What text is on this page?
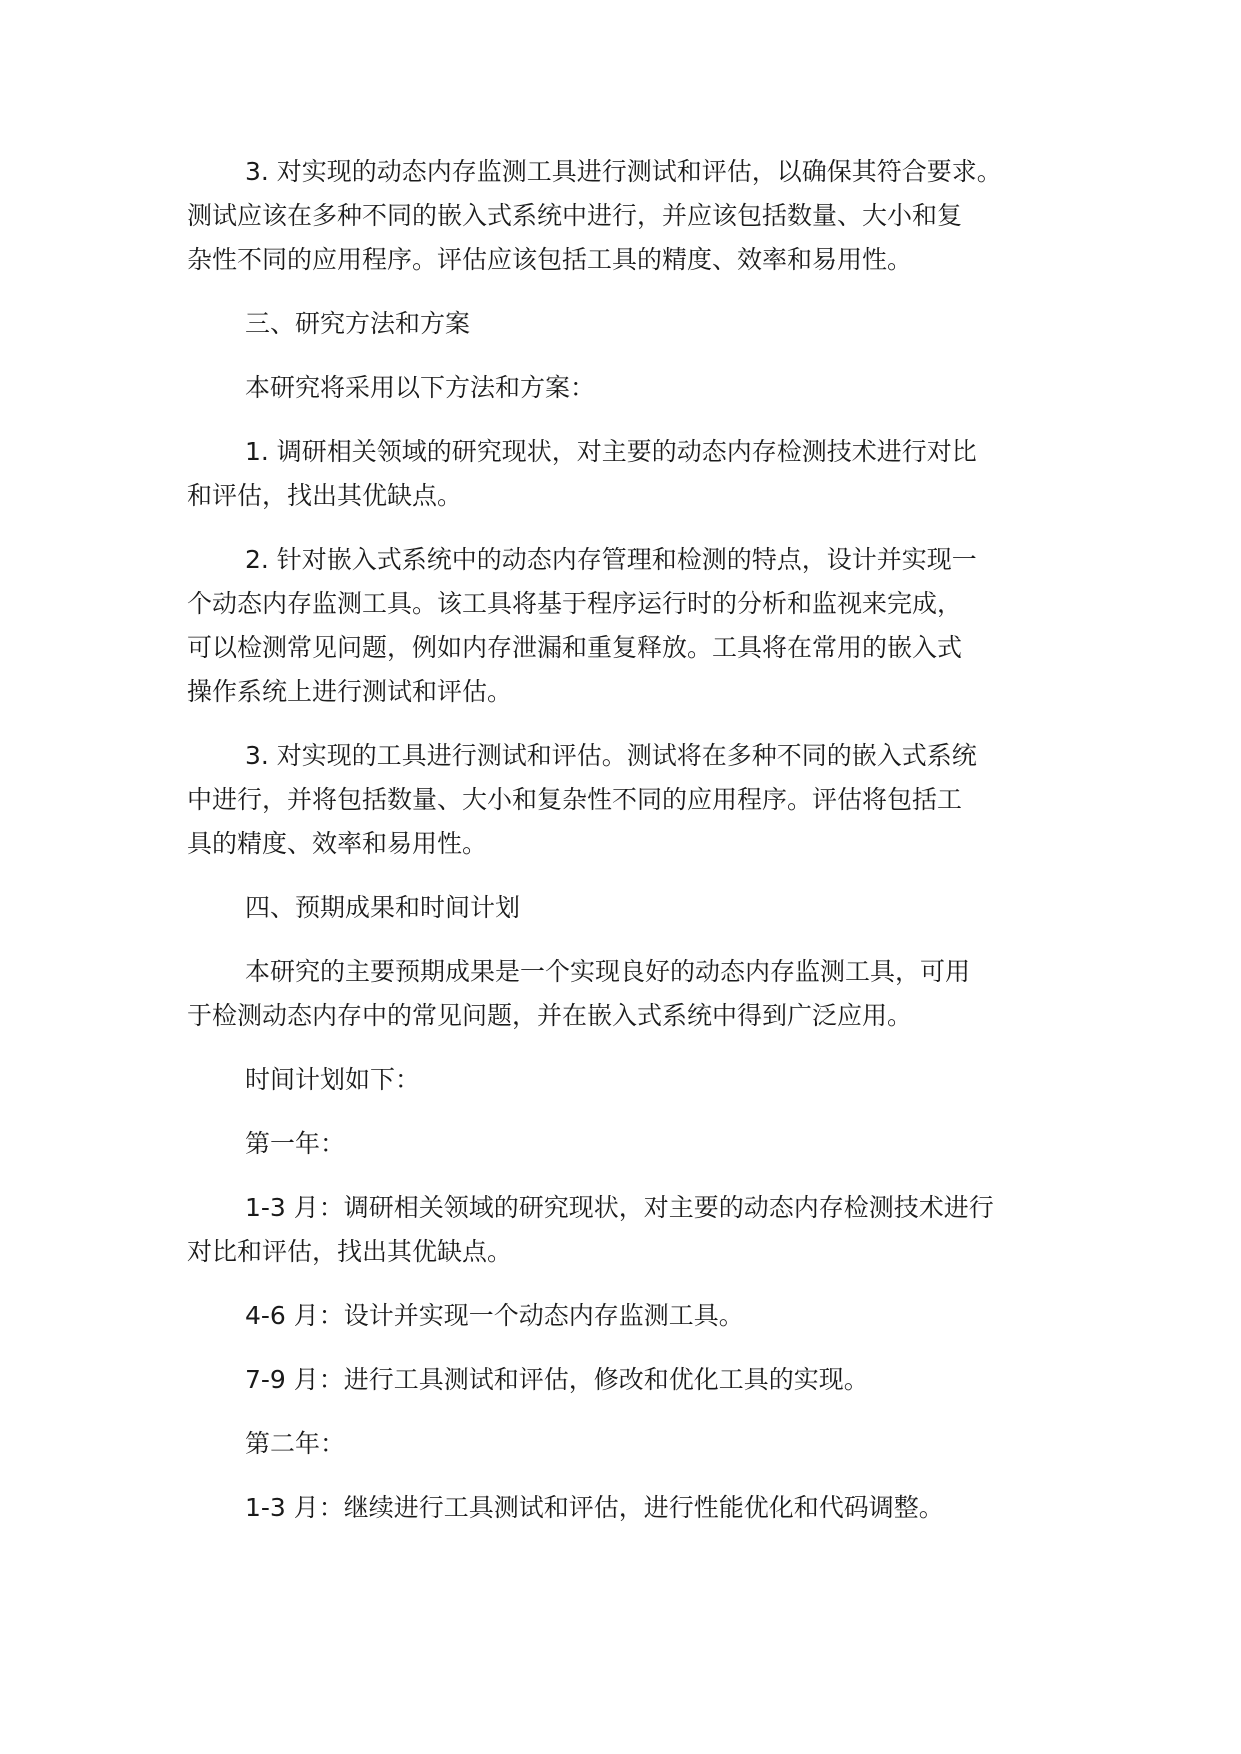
3. 对实现的动态内存监测工具进行测试和评估，以确保其符合要求。
测试应该在多种不同的嵌入式系统中进行，并应该包括数量、大小和复
杂性不同的应用程序。评估应该包括工具的精度、效率和易用性。

三、研究方法和方案

本研究将采用以下方法和方案：

1. 调研相关领域的研究现状，对主要的动态内存检测技术进行对比
和评估，找出其优缺点。

2. 针对嵌入式系统中的动态内存管理和检测的特点，设计并实现一
个动态内存监测工具。该工具将基于程序运行时的分析和监视来完成，
可以检测常见问题，例如内存泄漏和重复释放。工具将在常用的嵌入式
操作系统上进行测试和评估。

3. 对实现的工具进行测试和评估。测试将在多种不同的嵌入式系统
中进行，并将包括数量、大小和复杂性不同的应用程序。评估将包括工
具的精度、效率和易用性。

四、预期成果和时间计划

本研究的主要预期成果是一个实现良好的动态内存监测工具，可用
于检测动态内存中的常见问题，并在嵌入式系统中得到广泛应用。

时间计划如下：

第一年：

1-3 月：调研相关领域的研究现状，对主要的动态内存检测技术进行
对比和评估，找出其优缺点。

4-6 月：设计并实现一个动态内存监测工具。

7-9 月：进行工具测试和评估，修改和优化工具的实现。

第二年：

1-3 月：继续进行工具测试和评估，进行性能优化和代码调整。
